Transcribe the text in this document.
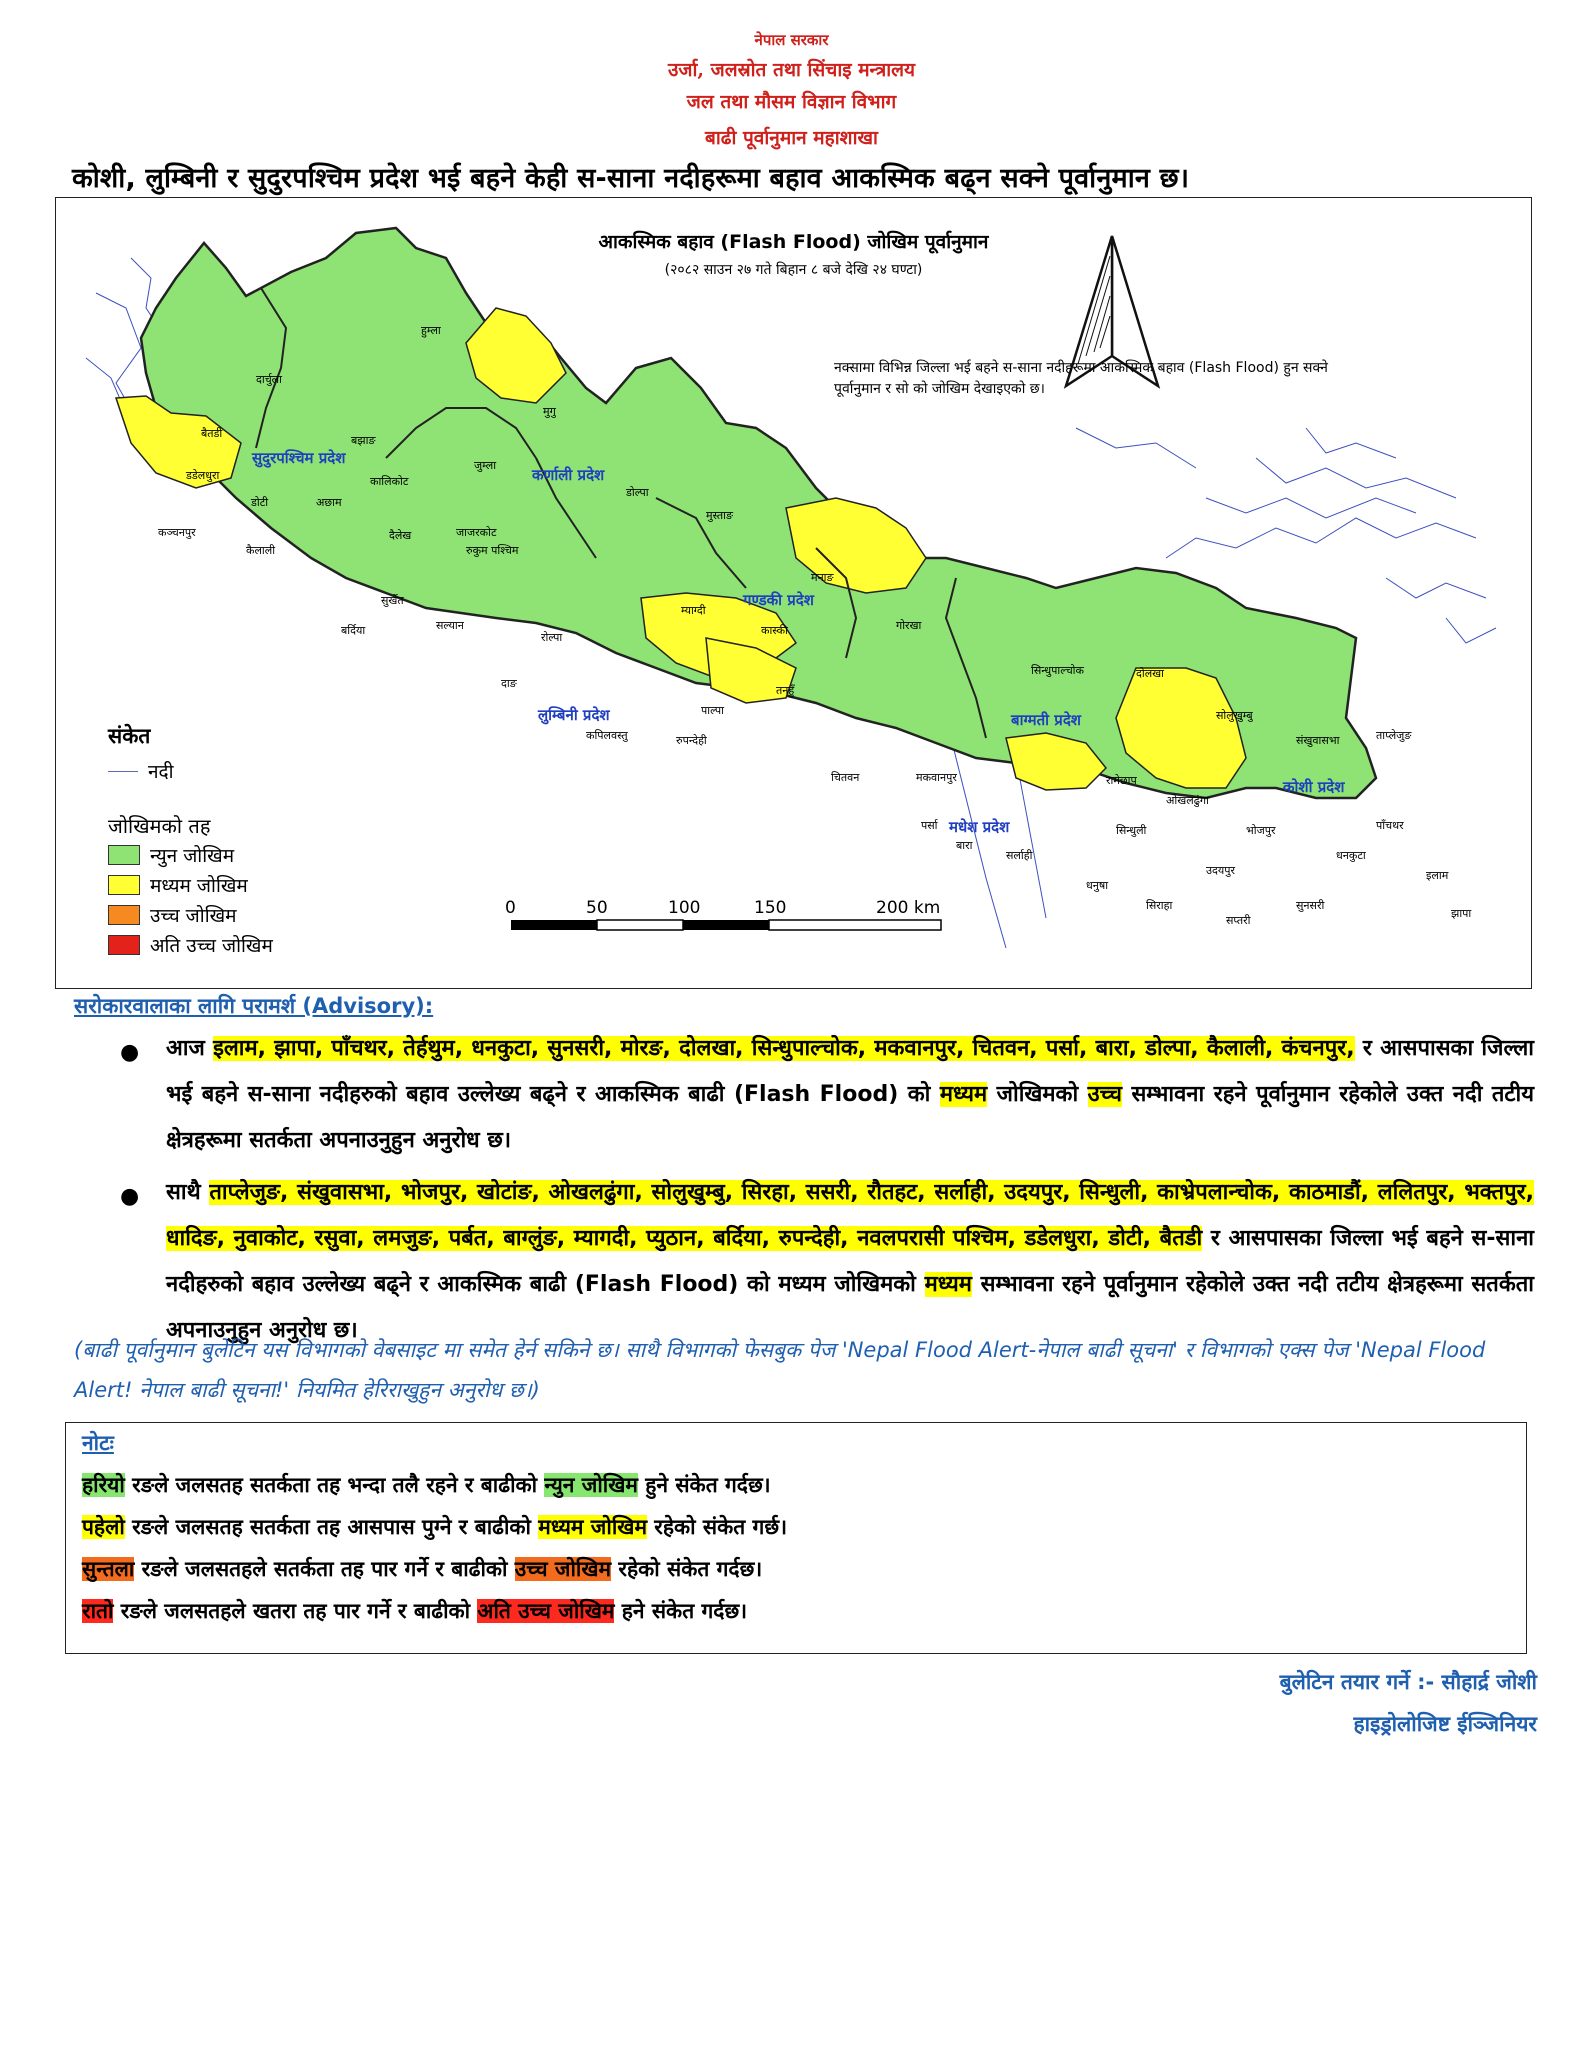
नेपाल सरकार
उर्जा, जलस्रोत तथा सिंचाइ मन्त्रालय
जल तथा मौसम विज्ञान विभाग
बाढी पूर्वानुमान महाशाखा
कोशी, लुम्बिनी र सुदुरपश्चिम प्रदेश भई बहने केही स-साना नदीहरूमा बहाव आकस्मिक बढ्न सक्ने पूर्वानुमान छ।
आकस्मिक बहाव (Flash Flood) जोखिम पूर्वानुमान
(२०८२ साउन २७ गते बिहान ८ बजे देखि २४ घण्टा)
नक्सामा विभिन्न जिल्ला भई बहने स-साना नदीहरूमा आकस्मिक बहाव (Flash Flood) हुन सक्ने पूर्वानुमान र सो को जोखिम देखाइएको छ।
सुदुरपश्चिम प्रदेश
कर्णाली प्रदेश
लुम्बिनी प्रदेश
गण्डकी प्रदेश
बाग्मती प्रदेश
मधेश प्रदेश
कोशी प्रदेश
दार्चुला
बैतडी
डडेलधुरा
डोटी
कैलाली
कञ्चनपुर
बझाङ
अछाम
हुम्ला
मुगु
जुम्ला
कालिकोट
डोल्पा
मुस्ताङ
जाजरकोट
दैलेख
सुर्खेत
रुकुम पश्चिम
बर्दिया	सल्यान
रोल्पा
दाङ
कपिलवस्तु	रुपन्देही
पाल्पा
म्याग्दी
कास्की
मनाङ
गोरखा
तनहुँ
सिन्धुपाल्चोक
चितवन	मकवानपुर
दोलखा
सोलुखुम्बु
संखुवासभा	ताप्लेजुङ
पाँचथर
इलाम
झापा
धनकुटा
सुनसरी
उदयपुर
सिराहा
सप्तरी
सर्लाही
धनुषा
पर्सा
बारा
रामेछाप
ओखलढुंगा
भोजपुर
सिन्धुली
संकेत
नदी
जोखिमको तह
न्युन जोखिम
मध्यम जोखिम
उच्च जोखिम
अति उच्च जोखिम
0	50	100	150	200 km
सरोकारवालाका लागि परामर्श (Advisory):
● आज इलाम, झापा, पाँचथर, तेर्हथुम, धनकुटा, सुनसरी, मोरङ, दोलखा, सिन्धुपाल्चोक, मकवानपुर, चितवन, पर्सा, बारा, डोल्पा, कैलाली, कंचनपुर, र आसपासका जिल्ला भई बहने स-साना नदीहरुको बहाव उल्लेख्य बढ्ने र आकस्मिक बाढी (Flash Flood) को मध्यम जोखिमको उच्च सम्भावना रहने पूर्वानुमान रहेकोले उक्त नदी तटीय क्षेत्रहरूमा सतर्कता अपनाउनुहुन अनुरोध छ।
● साथै ताप्लेजुङ, संखुवासभा, भोजपुर, खोटांङ, ओखलढुंगा, सोलुखुम्बु, सिरहा, ससरी, रौतहट, सर्लाही, उदयपुर, सिन्धुली, काभ्रेपलान्चोक, काठमाडौं, ललितपुर, भक्तपुर, धादिङ, नुवाकोट, रसुवा, लमजुङ, पर्बत, बाग्लुंङ, म्यागदी, प्युठान, बर्दिया, रुपन्देही, नवलपरासी पश्चिम, डडेलधुरा, डोटी, बैतडी र आसपासका जिल्ला भई बहने स-साना नदीहरुको बहाव उल्लेख्य बढ्ने र आकस्मिक बाढी (Flash Flood) को मध्यम जोखिमको मध्यम सम्भावना रहने पूर्वानुमान रहेकोले उक्त नदी तटीय क्षेत्रहरूमा सतर्कता अपनाउनुहुन अनुरोध छ।
(बाढी पूर्वानुमान बुलेटिन यस विभागको वेबसाइट मा समेत हेर्न सकिने छ। साथै विभागको फेसबुक पेज 'Nepal Flood Alert-नेपाल बाढी सूचना' र विभागको एक्स पेज 'Nepal Flood Alert! नेपाल बाढी सूचना!' नियमित हेरिराखुहुन अनुरोध छ।)
नोटः
हरियो रङले जलसतह सतर्कता तह भन्दा तलै रहने र बाढीको न्युन जोखिम हुने संकेत गर्दछ।
पहेलो रङले जलसतह सतर्कता तह आसपास पुग्ने र बाढीको मध्यम जोखिम रहेको संकेत गर्छ।
सुन्तला रङले जलसतहले सतर्कता तह पार गर्ने र बाढीको उच्च जोखिम रहेको संकेत गर्दछ।
रातो रङले जलसतहले खतरा तह पार गर्ने र बाढीको अति उच्च जोखिम हने संकेत गर्दछ।
बुलेटिन तयार गर्ने :- सौहार्द्र जोशी
हाइड्रोलोजिष्ट ईञ्जिनियर
